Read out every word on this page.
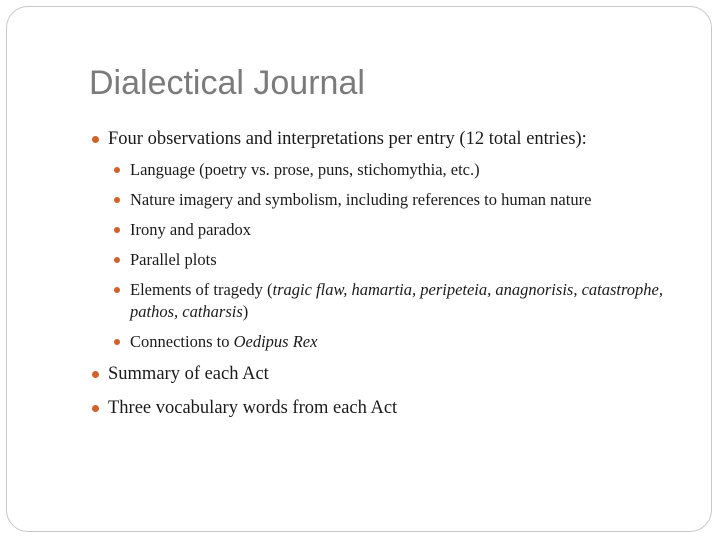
Dialectical Journal
Four observations and interpretations per entry (12 total entries):
Language (poetry vs. prose, puns, stichomythia, etc.)
Nature imagery and symbolism, including references to human nature
Irony and paradox
Parallel plots
Elements of tragedy (tragic flaw, hamartia, peripeteia, anagnorisis, catastrophe, pathos, catharsis)
Connections to Oedipus Rex
Summary of each Act
Three vocabulary words from each Act
